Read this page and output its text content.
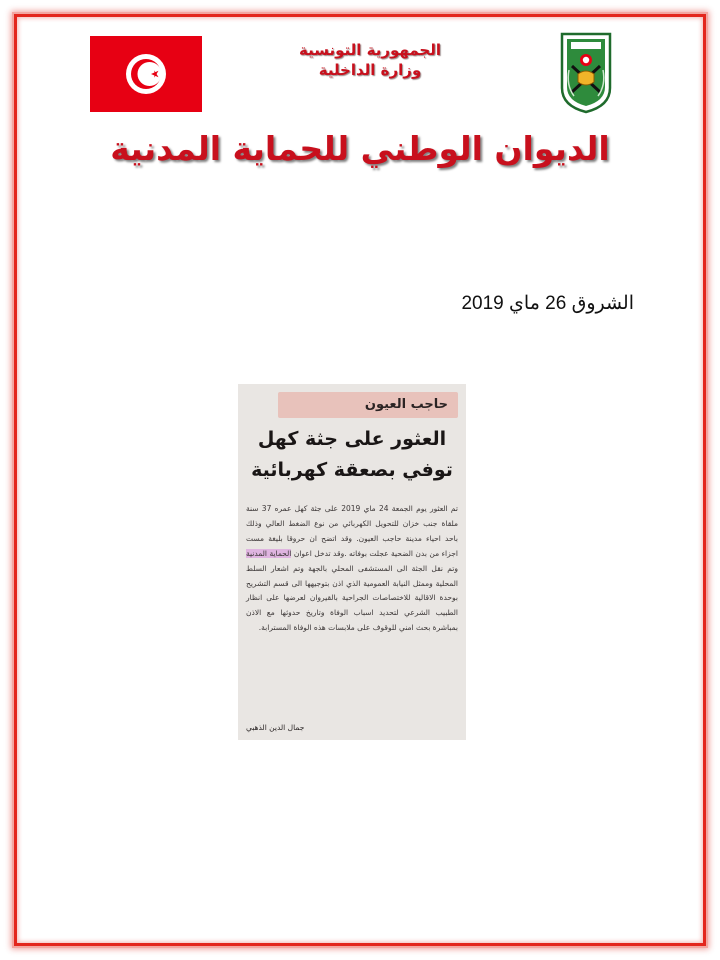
الجمهورية التونسية
وزارة الداخلية
الديوان الوطني للحماية المدنية
الشروق 26 ماي 2019
حاجب العيون
العثور على جثة كهل
توفي بصعقة كهربائية
تم العثور يوم الجمعة 24 ماي 2019 على جثة كهل عمره 37 سنة ملقاة جنب خزان للتحويل الكهربائي من نوع الضغط العالي وذلك باحد احياء مدينة حاجب العيون. وقد اتضح ان حروقا بليغة مست اجزاء من بدن الضحية عجلت بوفاته .وقد تدخل اعوان الحماية المدنية وتم نقل الجثة الى المستشفى المحلي بالجهة وتم اشعار السلط المحلية وممثل النيابة العمومية الذي اذن بتوجيهها الى قسم التشريح بوحدة الاقالية للاختصاصات الجراحية بالقيروان لعرضها على انظار الطبيب الشرعي لتحديد اسباب الوفاة وتاريخ حدوثها مع الاذن بمباشرة بحث امني للوقوف على ملابسات هذه الوفاة المسترابة.
جمال الدين الذهبي
